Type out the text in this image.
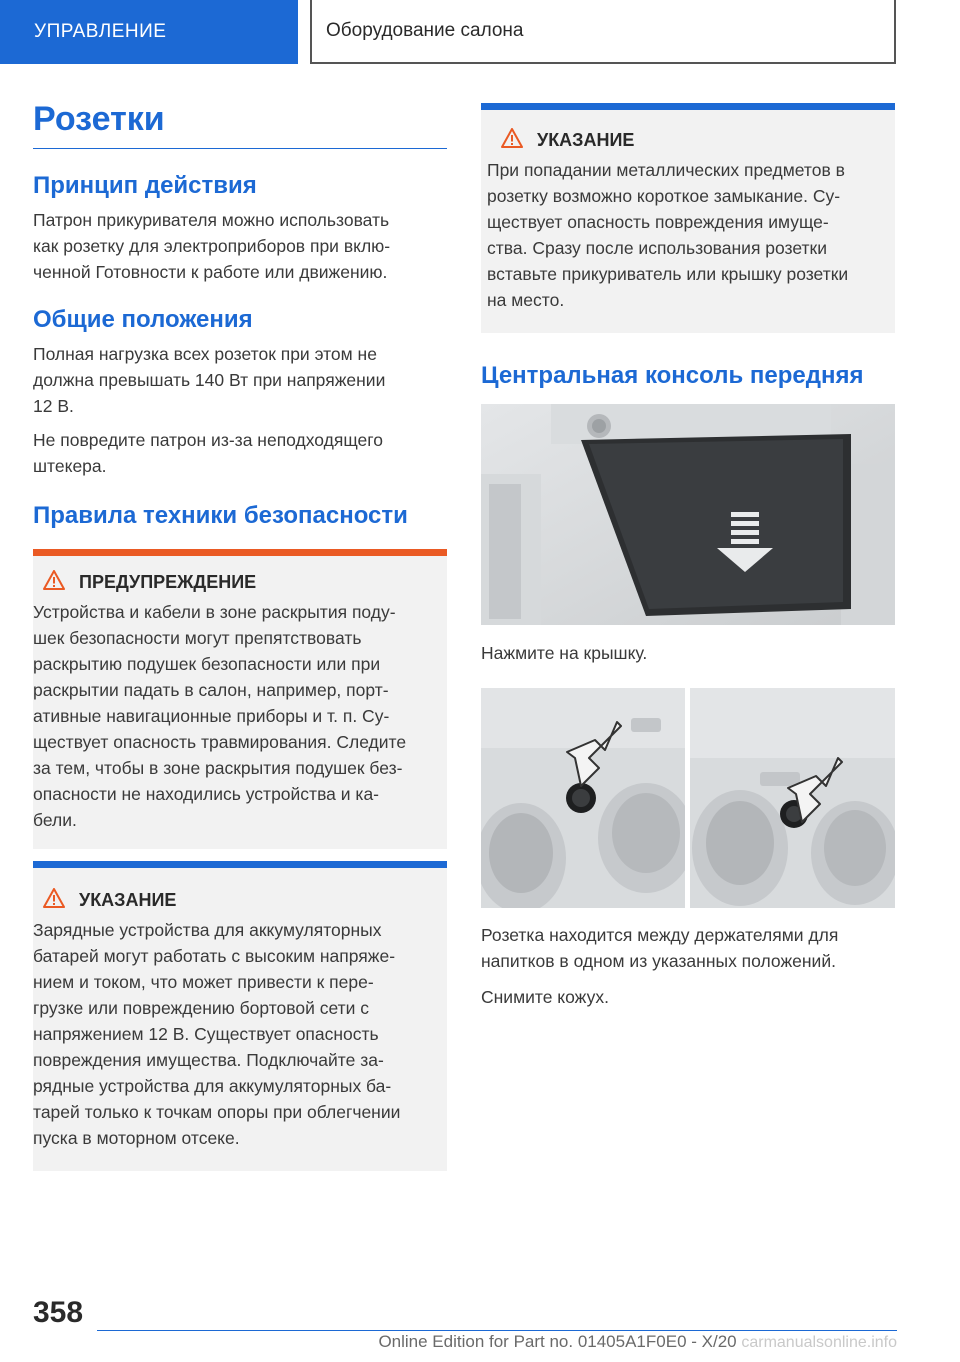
УПРАВЛЕНИЕ	Оборудование салона
Розетки
Принцип действия

Патрон прикуривателя можно использовать

как розетку для электроприборов при вклю-

ченной Готовности к работе или движению.

Общие положения

Полная нагрузка всех розеток при этом не

должна превышать 140 Вт при напряжении

12 В.

Не повредите патрон из-за неподходящего

штекера.

Правила техники безопасности
ПРЕДУПРЕЖДЕНИЕ

Устройства и кабели в зоне раскрытия поду-

шек безопасности могут препятствовать

раскрытию подушек безопасности или при

раскрытии падать в салон, например, порт-

ативные навигационные приборы и т. п. Су-

ществует опасность травмирования. Следите

за тем, чтобы в зоне раскрытия подушек без-

опасности не находились устройства и ка-

бели.

УКАЗАНИЕ

Зарядные устройства для аккумуляторных

батарей могут работать с высоким напряже-

нием и током, что может привести к пере-

грузке или повреждению бортовой сети с

напряжением 12 В. Существует опасность

повреждения имущества. Подключайте за-

рядные устройства для аккумуляторных ба-

тарей только к точкам опоры при облегчении

пуска в моторном отсеке.

УКАЗАНИЕ

При попадании металлических предметов в

розетку возможно короткое замыкание. Су-

ществует опасность повреждения имуще-

ства. Сразу после использования розетки

вставьте прикуриватель или крышку розетки

на место.

Центральная консоль передняя

Нажмите на крышку.

Розетка находится между держателями для

напитков в одном из указанных положений.

Снимите кожух.

358
Online Edition for Part no. 01405A1F0E0 - X/20 carmanualsonline.info
